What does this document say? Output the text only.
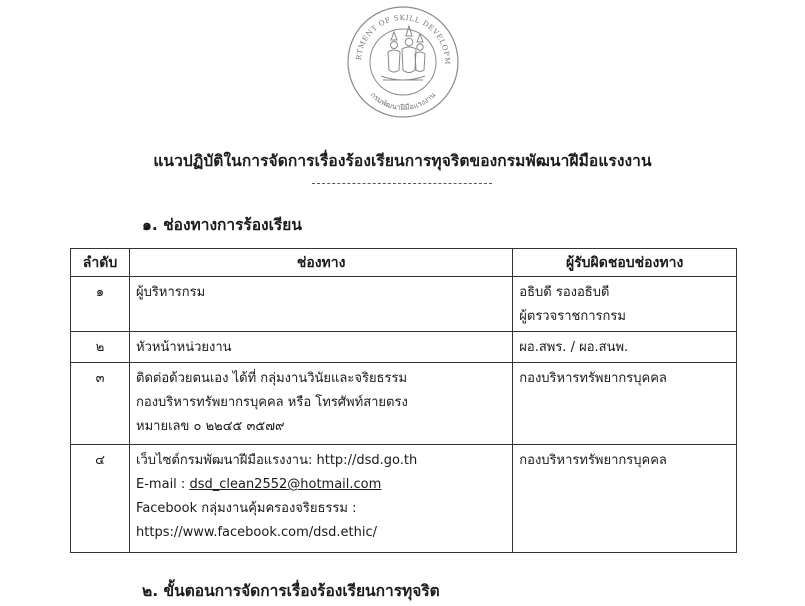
RTMENT OF SKILL DEVELOPM
กรมพัฒนาฝีมือแรงงาน
แนวปฏิบัติในการจัดการเรื่องร้องเรียนการทุจริตของกรมพัฒนาฝีมือแรงงาน
๑. ช่องทางการร้องเรียน
ลำดับ	ช่องทาง	ผู้รับผิดชอบช่องทาง
๑	ผู้บริหารกรม	อธิบดี รองอธิบดี
ผู้ตรวจราชการกรม

๒	หัวหน้าหน่วยงาน	ผอ.สพร. / ผอ.สนพ.

๓	ติดต่อด้วยตนเอง ได้ที่ กลุ่มงานวินัยและจริยธรรม
กองบริหารทรัพยากรบุคคล หรือ โทรศัพท์สายตรง
หมายเลข ๐ ๒๒๔๕ ๓๕๗๙	กองบริหารทรัพยากรบุคคล

๔	เว็บไซต์กรมพัฒนาฝีมือแรงงาน: http://dsd.go.th
E-mail : dsd_clean2552@hotmail.com
Facebook กลุ่มงานคุ้มครองจริยธรรม :
https://www.facebook.com/dsd.ethic/	กองบริหารทรัพยากรบุคคล
๒. ขั้นตอนการจัดการเรื่องร้องเรียนการทุจริต
